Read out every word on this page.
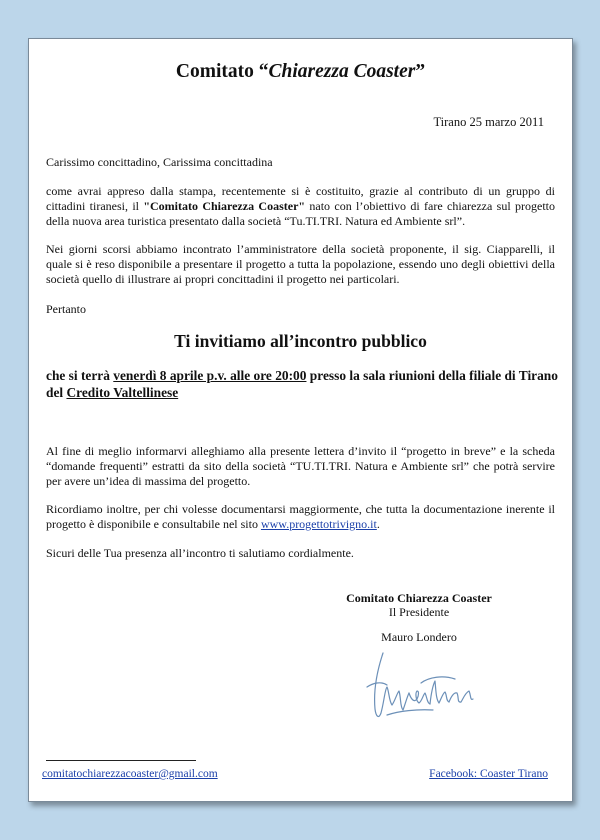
Comitato “Chiarezza Coaster”
Tirano 25 marzo 2011

Carissimo concittadino, Carissima concittadina

come avrai appreso dalla stampa, recentemente si è costituito, grazie al contributo di un gruppo di cittadini tiranesi, il "Comitato Chiarezza Coaster" nato con l’obiettivo di fare chiarezza sul progetto della nuova area turistica presentato dalla società “Tu.TI.TRI. Natura ed Ambiente srl”.

Nei giorni scorsi abbiamo incontrato l’amministratore della società proponente, il sig. Ciapparelli, il quale si è reso disponibile a presentare il progetto a tutta la popolazione, essendo uno degli obiettivi della società quello di illustrare ai propri concittadini il progetto nei particolari.

Pertanto

Ti invitiamo all’incontro pubblico

che si terrà venerdì 8 aprile p.v. alle ore 20:00 presso la sala riunioni della filiale di Tirano del Credito Valtellinese

Al fine di meglio informarvi alleghiamo alla presente lettera d’invito il “progetto in breve” e la scheda “domande frequenti” estratti da sito della società “TU.TI.TRI. Natura e Ambiente srl” che potrà servire per avere un’idea di massima del progetto.

Ricordiamo inoltre, per chi volesse documentarsi maggiormente, che tutta la documentazione inerente il progetto è disponibile e consultabile nel sito www.progettotrivigno.it.

Sicuri delle Tua presenza all’incontro ti salutiamo cordialmente.

Comitato Chiarezza Coaster
Il Presidente
Mauro Londero
comitatochiarezzacoaster@gmail.com	Facebook: Coaster Tirano
